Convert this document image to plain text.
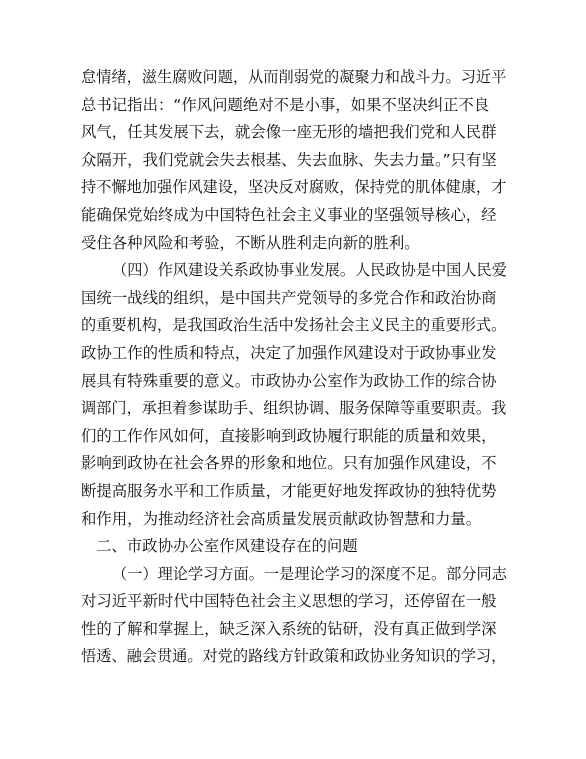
怠情绪，滋生腐败问题，从而削弱党的凝聚力和战斗力。习近平
总书记指出：“作风问题绝对不是小事，如果不坚决纠正不良
风气，任其发展下去，就会像一座无形的墙把我们党和人民群
众隔开，我们党就会失去根基、失去血脉、失去力量。”只有坚
持不懈地加强作风建设，坚决反对腐败，保持党的肌体健康，才
能确保党始终成为中国特色社会主义事业的坚强领导核心，经
受住各种风险和考验，不断从胜利走向新的胜利。

（四）作风建设关系政协事业发展。人民政协是中国人民爱
国统一战线的组织，是中国共产党领导的多党合作和政治协商
的重要机构，是我国政治生活中发扬社会主义民主的重要形式。
政协工作的性质和特点，决定了加强作风建设对于政协事业发
展具有特殊重要的意义。市政协办公室作为政协工作的综合协
调部门，承担着参谋助手、组织协调、服务保障等重要职责。我
们的工作作风如何，直接影响到政协履行职能的质量和效果，
影响到政协在社会各界的形象和地位。只有加强作风建设，不
断提高服务水平和工作质量，才能更好地发挥政协的独特优势
和作用，为推动经济社会高质量发展贡献政协智慧和力量。

二、市政协办公室作风建设存在的问题

（一）理论学习方面。一是理论学习的深度不足。部分同志
对习近平新时代中国特色社会主义思想的学习，还停留在一般
性的了解和掌握上，缺乏深入系统的钻研，没有真正做到学深
悟透、融会贯通。对党的路线方针政策和政协业务知识的学习，
